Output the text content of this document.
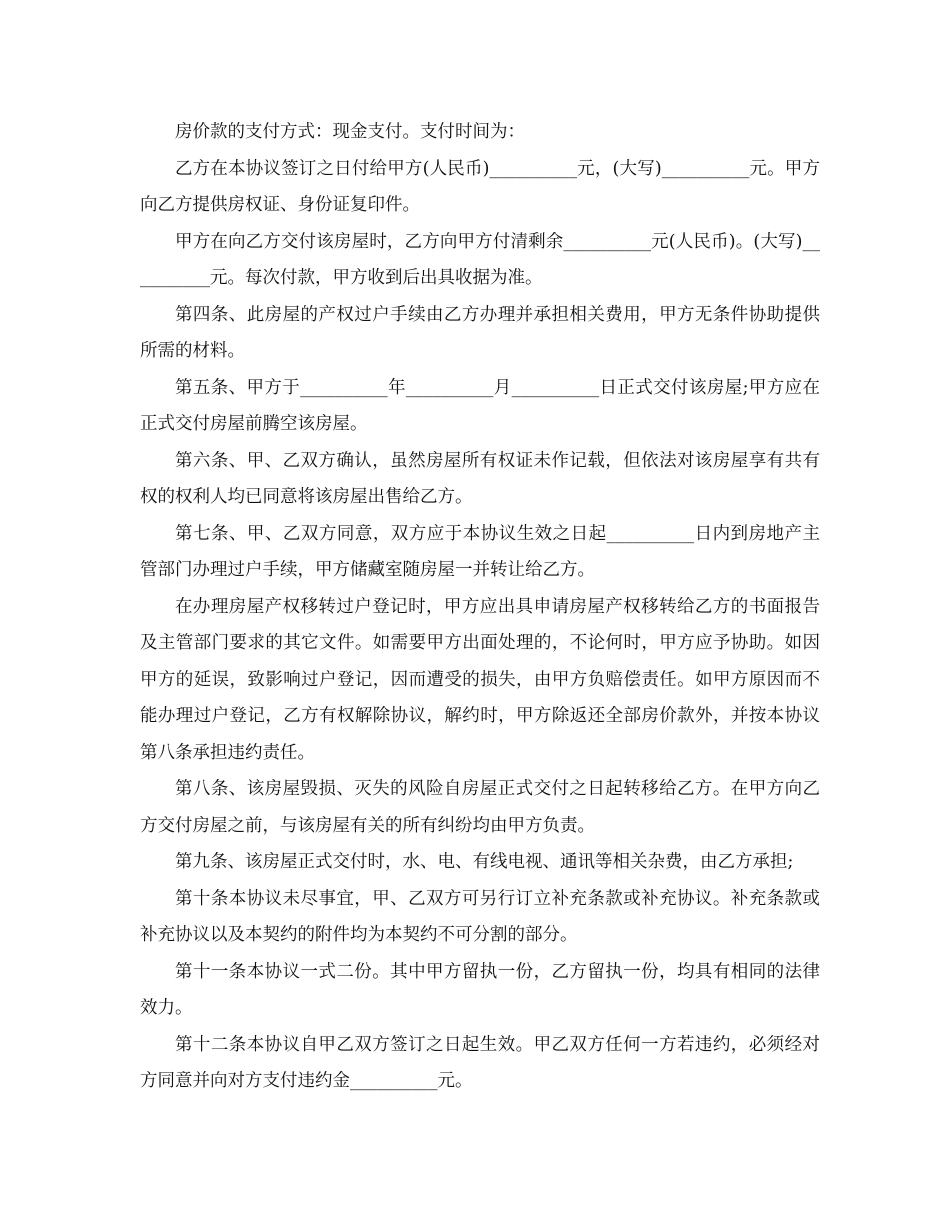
房价款的支付方式：现金支付。支付时间为：

乙方在本协议签订之日付给甲方(人民币)__________元，(大写)__________元。甲方向乙方提供房权证、身份证复印件。

甲方在向乙方交付该房屋时，乙方向甲方付清剩余__________元(人民币)。(大写)__________元。每次付款，甲方收到后出具收据为准。

第四条、此房屋的产权过户手续由乙方办理并承担相关费用，甲方无条件协助提供所需的材料。

第五条、甲方于__________年__________月__________日正式交付该房屋;甲方应在正式交付房屋前腾空该房屋。

第六条、甲、乙双方确认，虽然房屋所有权证未作记载，但依法对该房屋享有共有权的权利人均已同意将该房屋出售给乙方。

第七条、甲、乙双方同意，双方应于本协议生效之日起__________日内到房地产主管部门办理过户手续，甲方储藏室随房屋一并转让给乙方。

在办理房屋产权移转过户登记时，甲方应出具申请房屋产权移转给乙方的书面报告及主管部门要求的其它文件。如需要甲方出面处理的，不论何时，甲方应予协助。如因甲方的延误，致影响过户登记，因而遭受的损失，由甲方负赔偿责任。如甲方原因而不能办理过户登记，乙方有权解除协议，解约时，甲方除返还全部房价款外，并按本协议第八条承担违约责任。

第八条、该房屋毁损、灭失的风险自房屋正式交付之日起转移给乙方。在甲方向乙方交付房屋之前，与该房屋有关的所有纠纷均由甲方负责。

第九条、该房屋正式交付时，水、电、有线电视、通讯等相关杂费，由乙方承担;

第十条本协议未尽事宜，甲、乙双方可另行订立补充条款或补充协议。补充条款或补充协议以及本契约的附件均为本契约不可分割的部分。

第十一条本协议一式二份。其中甲方留执一份，乙方留执一份，均具有相同的法律效力。

第十二条本协议自甲乙双方签订之日起生效。甲乙双方任何一方若违约，必须经对方同意并向对方支付违约金__________元。
